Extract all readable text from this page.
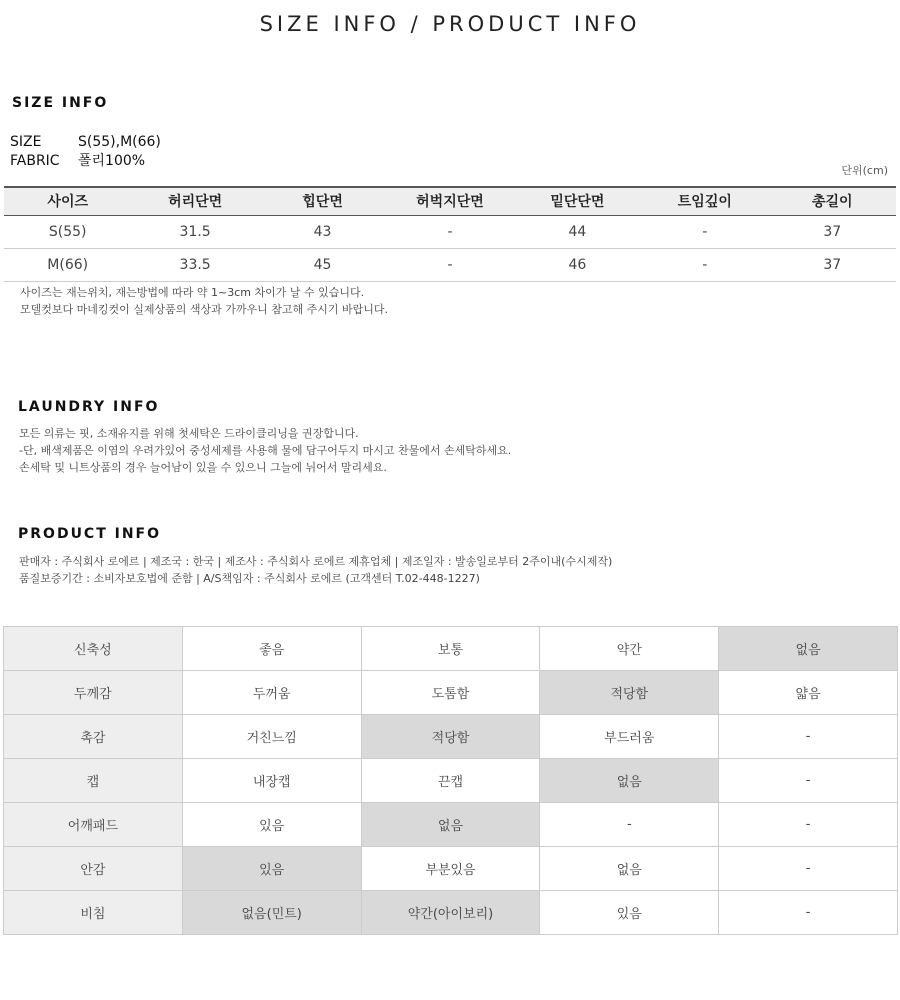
SIZE INFO / PRODUCT INFO
SIZE INFO
SIZE	S(55),M(66)
FABRIC 폴리100%
단위(cm)
사이즈	허리단면	힙단면	허벅지단면	밑단단면	트임깊이	총길이
S(55)	31.5	43	-	44	-	37
M(66)	33.5	45	-	46	-	37
사이즈는 재는위치, 재는방법에 따라 약 1~3cm 차이가 날 수 있습니다.
모델컷보다 마네킹컷이 실제상품의 색상과 가까우니 참고해 주시기 바랍니다.
LAUNDRY INFO
모든 의류는 핏, 소재유지를 위해 첫세탁은 드라이클리닝을 권장합니다.
-단, 배색제품은 이염의 우려가있어 중성세제를 사용해 물에 담구어두지 마시고 찬물에서 손세탁하세요.
손세탁 및 니트상품의 경우 늘어남이 있을 수 있으니 그늘에 뉘어서 말리세요.
PRODUCT INFO
판매자 : 주식회사 로에르 | 제조국 : 한국 | 제조사 : 주식회사 로에르 제휴업체 | 제조일자 : 발송일로부터 2주이내(수시제작)
품질보증기간 : 소비자보호법에 준함 | A/S책임자 : 주식회사 로에르 (고객센터 T.02-448-1227)
신축성	좋음	보통	약간	없음
두께감	두꺼움	도톰함	적당함	얇음
촉감	거친느낌	적당함	부드러움	-
캡	내장캡	끈캡	없음	-
어깨패드	있음	없음	-	-
안감	있음	부분있음	없음	-
비침	없음(민트)	약간(아이보리)	있음	-
